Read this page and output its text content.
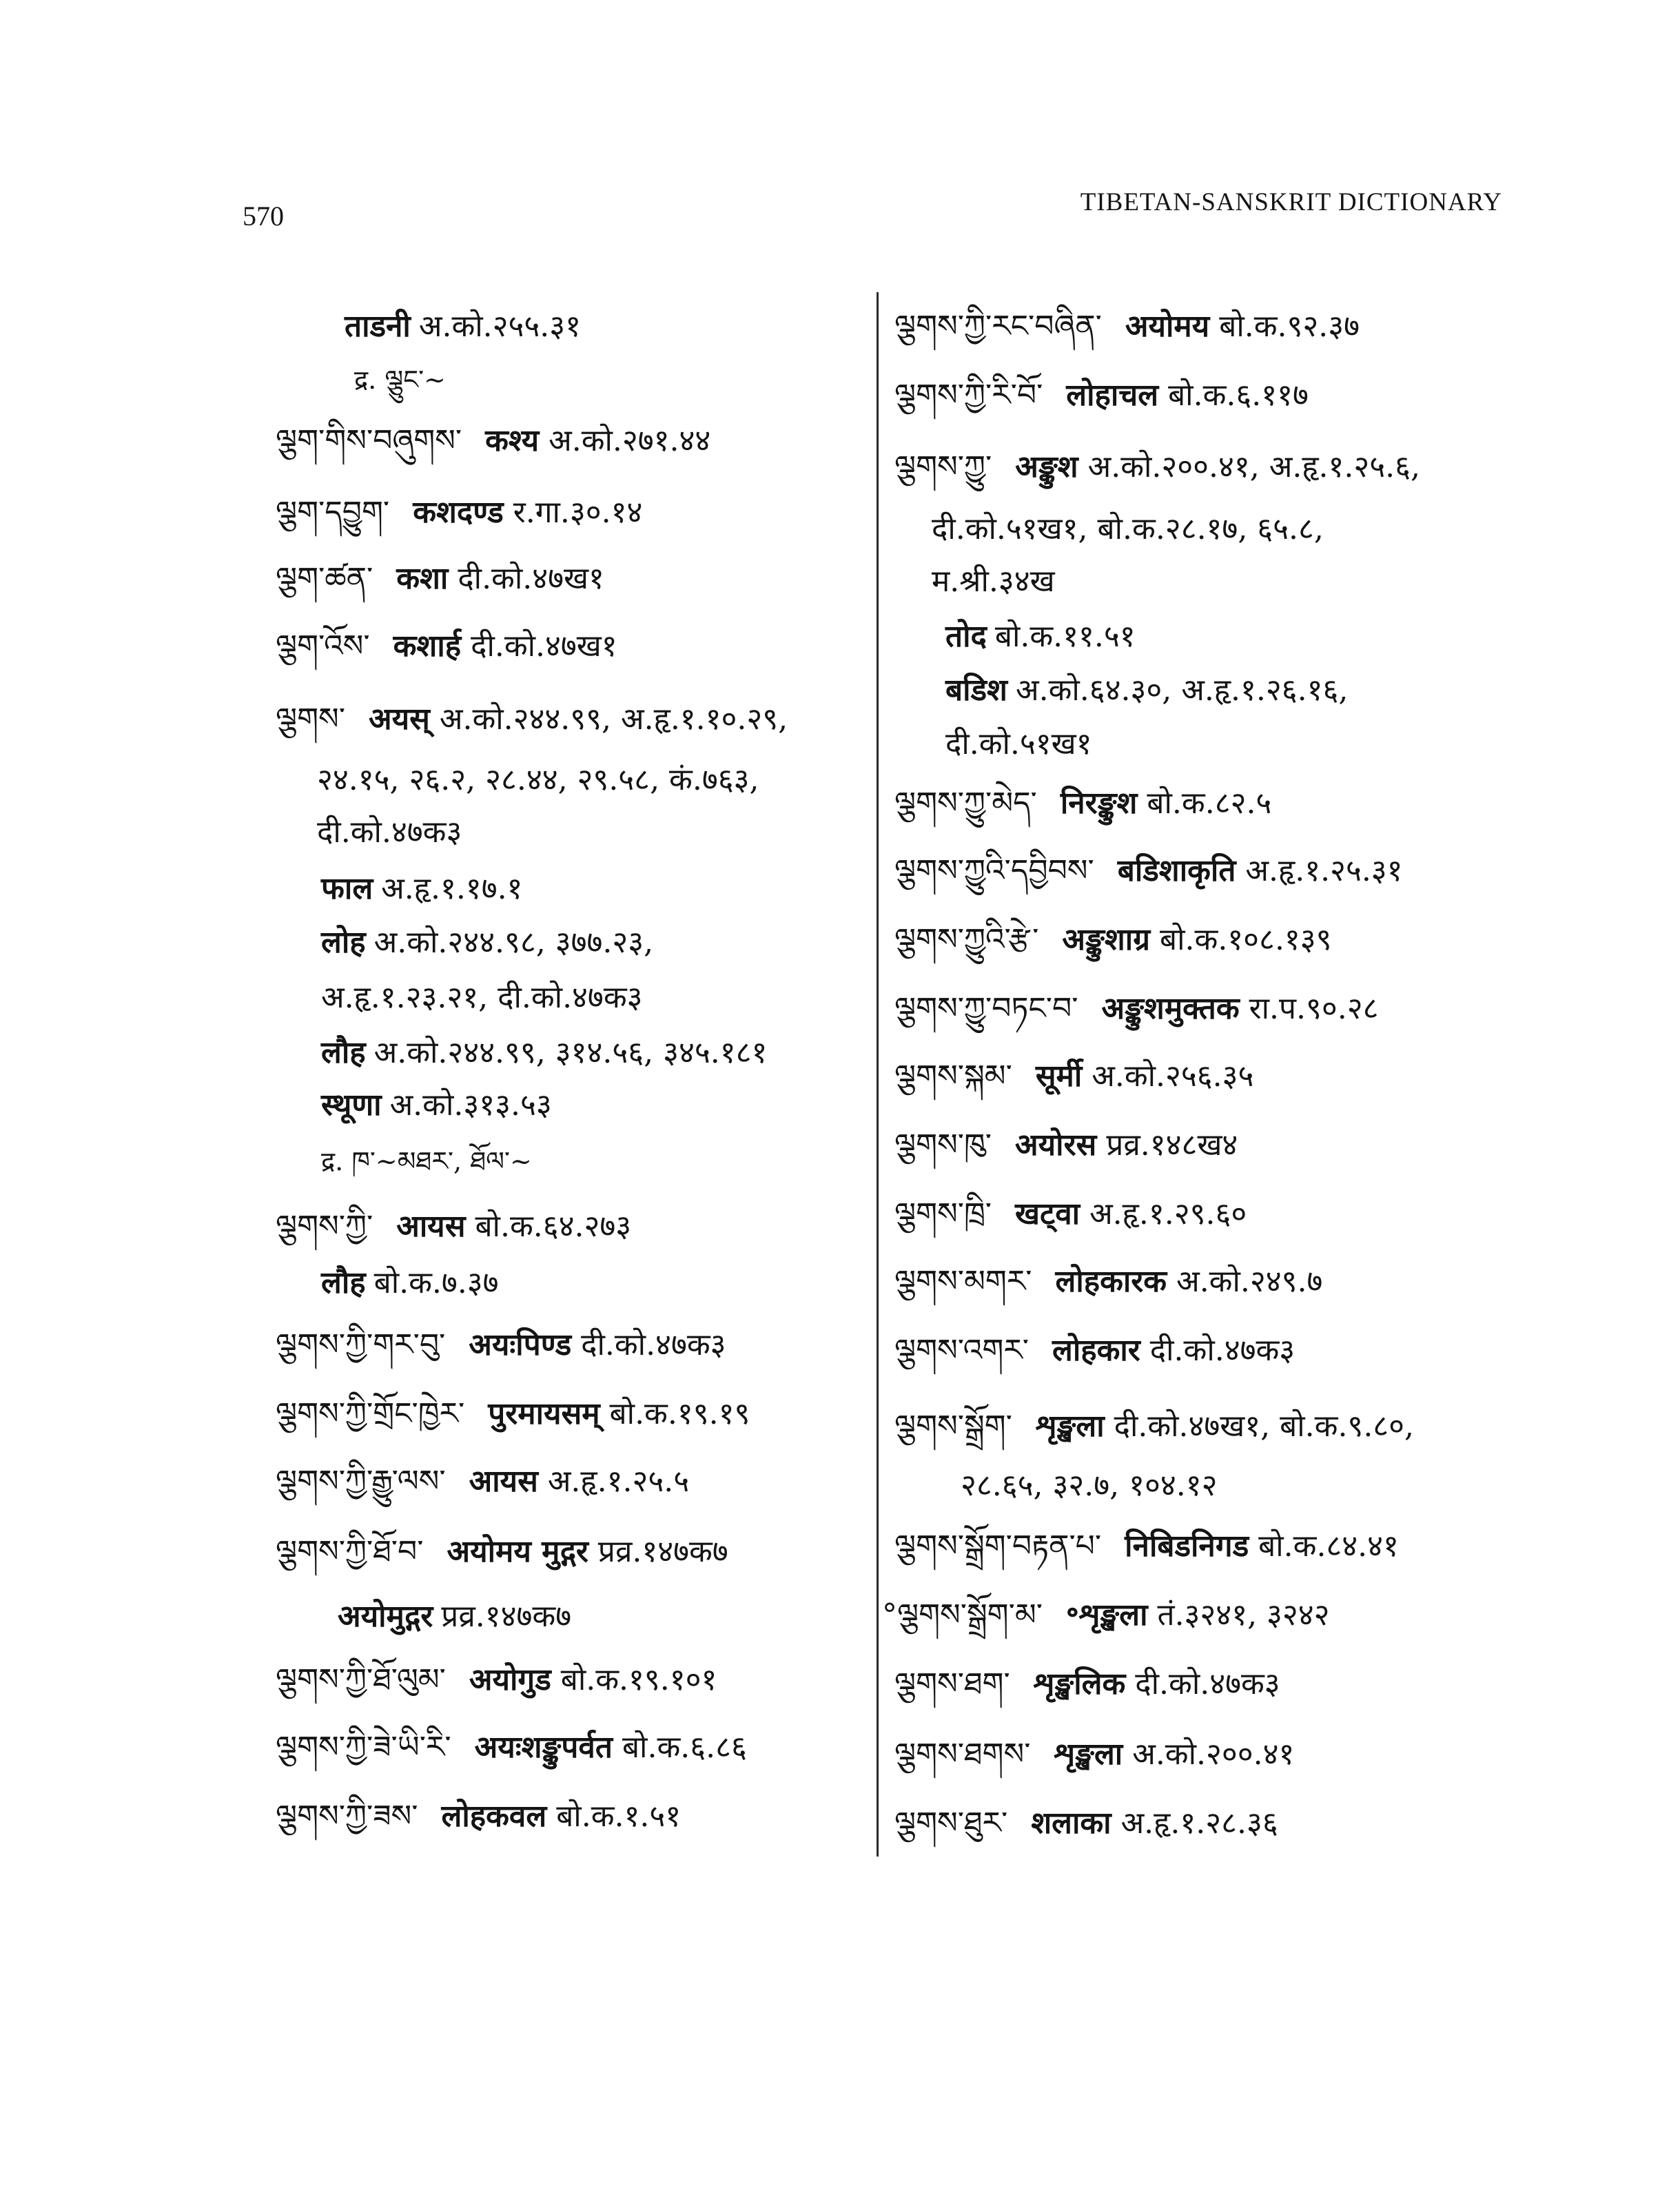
570	TIBETAN-SANSKRIT DICTIONARY
ताडनी अ.को.२५५.३१
द्र. ལྕུང་~
ལྕག་གིས་བཞུགས་ कश्य अ.को.२७१.४४
ལྕག་དབྱུག་ कशदण्ड र.गा.३०.१४
ལྕག་ཚན་ कशा दी.को.४७ख१
ལྕག་འོས་ कशार्ह दी.को.४७ख१
ལྕགས་ अयस् अ.को.२४४.९९, अ.हृ.१.१०.२९,
२४.१५, २६.२, २८.४४, २९.५८, कं.७६३,
दी.को.४७क३
फाल अ.हृ.१.१७.१
लोह अ.को.२४४.९८, ३७७.२३,
अ.हृ.१.२३.२१, दी.को.४७क३
लौह अ.को.२४४.९९, ३१४.५६, ३४५.१८१
स्थूणा अ.को.३१३.५३
द्र. ཁ་~མཐར་, ཐོལ་~
ལྕགས་ཀྱི་ आयस बो.क.६४.२७३
लौह बो.क.७.३७
ལྕགས་ཀྱི་གར་བུ་ अयःपिण्ड दी.को.४७क३
ལྕགས་ཀྱི་གྲོང་ཁྱེར་ पुरमायसम् बो.क.१९.१९
ལྕགས་ཀྱི་རྒྱུ་ལས་ आयस अ.हृ.१.२५.५
ལྕགས་ཀྱི་ཐོ་བ་ अयोमय मुद्गर प्रव्र.१४७क७
अयोमुद्गर प्रव्र.१४७क७
ལྕགས་ཀྱི་ཐོ་ལུམ་ अयोगुड बो.क.१९.१०१
ལྕགས་ཀྱི་ཟེ་ཡི་རི་ अयःशङ्कुपर्वत बो.क.६.८६
ལྕགས་ཀྱི་ཟས་ लोहकवल बो.क.१.५१
ལྕགས་ཀྱི་རང་བཞིན་ अयोमय बो.क.९२.३७
ལྕགས་ཀྱི་རི་བོ་ लोहाचल बो.क.६.११७
ལྕགས་ཀྱུ་ अङ्कुश अ.को.२००.४१, अ.हृ.१.२५.६,
दी.को.५१ख१, बो.क.२८.१७, ६५.८,
म.श्री.३४ख
तोद बो.क.११.५१
बडिश अ.को.६४.३०, अ.हृ.१.२६.१६,
दी.को.५१ख१
ལྕགས་ཀྱུ་མེད་ निरङ्कुश बो.क.८२.५
ལྕགས་ཀྱུའི་དབྱིབས་ बडिशाकृति अ.हृ.१.२५.३१
ལྕགས་ཀྱུའི་རྩེ་ अङ्कुशाग्र बो.क.१०८.१३९
ལྕགས་ཀྱུ་བཏང་བ་ अङ्कुशमुक्तक रा.प.९०.२८
ལྕགས་སྐམ་ सूर्मी अ.को.२५६.३५
ལྕགས་ཁུ་ अयोरस प्रव्र.१४८ख४
ལྕགས་ཁྲི་ खट्वा अ.हृ.१.२९.६०
ལྕགས་མགར་ लोहकारक अ.को.२४९.७
ལྕགས་འགར་ लोहकार दी.को.४७क३
ལྕགས་སྒྲོག་ शृङ्खला दी.को.४७ख१, बो.क.९.८०,
२८.६५, ३२.७, १०४.१२
ལྕགས་སྒྲོག་བརྟན་པ་ निबिडनिगड बो.क.८४.४१
°ལྕགས་སྒྲོག་མ་ ॰शृङ्खला तं.३२४१, ३२४२
ལྕགས་ཐག་ शृङ्खलिक दी.को.४७क३
ལྕགས་ཐགས་ शृङ्खला अ.को.२००.४१
ལྕགས་ཐུར་ शलाका अ.हृ.१.२८.३६
